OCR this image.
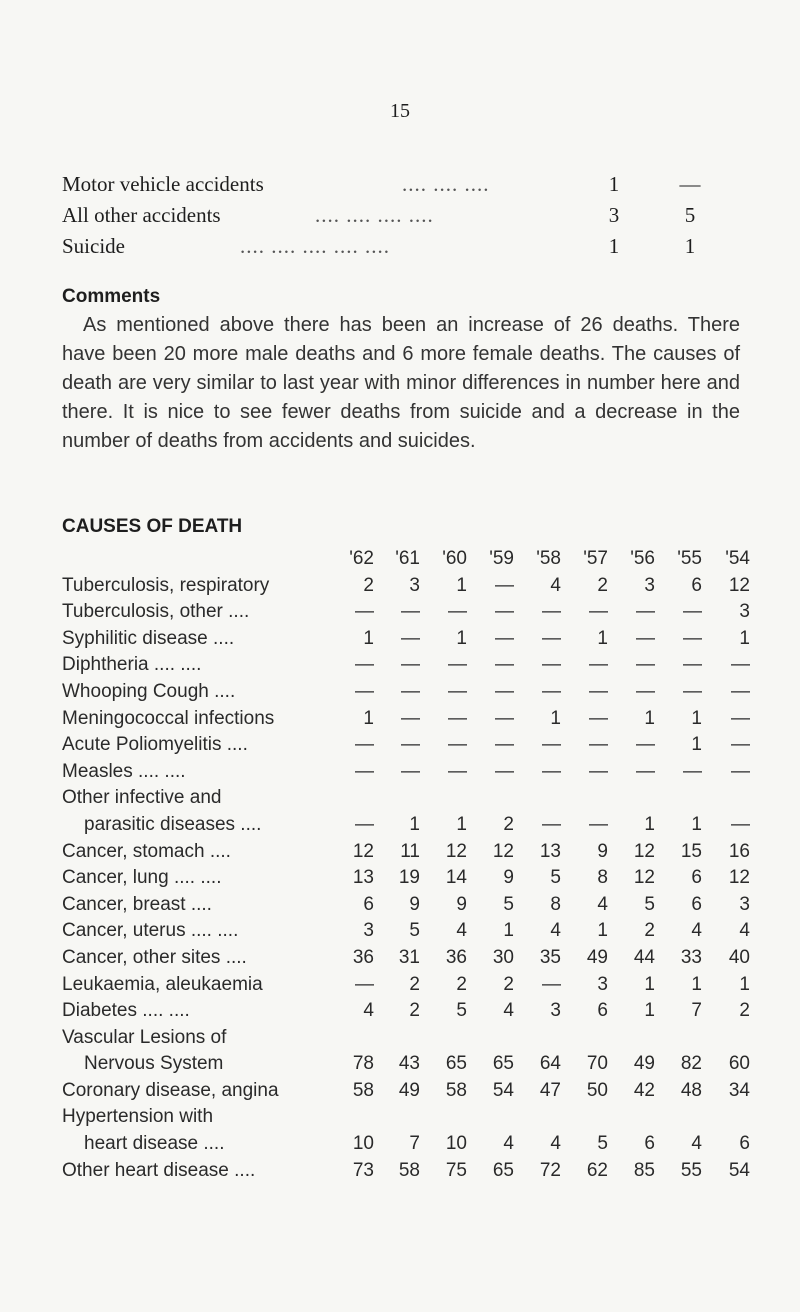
15
Motor vehicle accidents	.... .... ....	1	—
All other accidents	.... .... .... ....	3	5
Suicide	.... .... .... .... ....	1	1
Comments

As mentioned above there has been an increase of 26 deaths. There have been 20 more male deaths and 6 more female deaths. The causes of death are very similar to last year with minor differences in number here and there. It is nice to see fewer deaths from suicide and a decrease in the number of deaths from accidents and suicides.

CAUSES OF DEATH
'62	'61	'60	'59	'58	'57	'56	'55	'54
Tuberculosis, respiratory	2	3	1	—	4	2	3	6	12
Tuberculosis, other ....	—	—	—	—	—	—	—	—	3
Syphilitic disease ....	1	—	1	—	—	1	—	—	1
Diphtheria .... ....	—	—	—	—	—	—	—	—	—
Whooping Cough ....	—	—	—	—	—	—	—	—	—
Meningococcal infections	1	—	—	—	1	—	1	1	—
Acute Poliomyelitis ....	—	—	—	—	—	—	—	1	—
Measles .... ....	—	—	—	—	—	—	—	—	—
Other infective and
parasitic diseases ....	—	1	1	2	—	—	1	1	—
Cancer, stomach ....	12	11	12	12	13	9	12	15	16
Cancer, lung .... ....	13	19	14	9	5	8	12	6	12
Cancer, breast ....	6	9	9	5	8	4	5	6	3
Cancer, uterus .... ....	3	5	4	1	4	1	2	4	4
Cancer, other sites ....	36	31	36	30	35	49	44	33	40
Leukaemia, aleukaemia	—	2	2	2	—	3	1	1	1
Diabetes .... ....	4	2	5	4	3	6	1	7	2
Vascular Lesions of
Nervous System	78	43	65	65	64	70	49	82	60
Coronary disease, angina	58	49	58	54	47	50	42	48	34
Hypertension with
heart disease ....	10	7	10	4	4	5	6	4	6
Other heart disease ....	73	58	75	65	72	62	85	55	54
